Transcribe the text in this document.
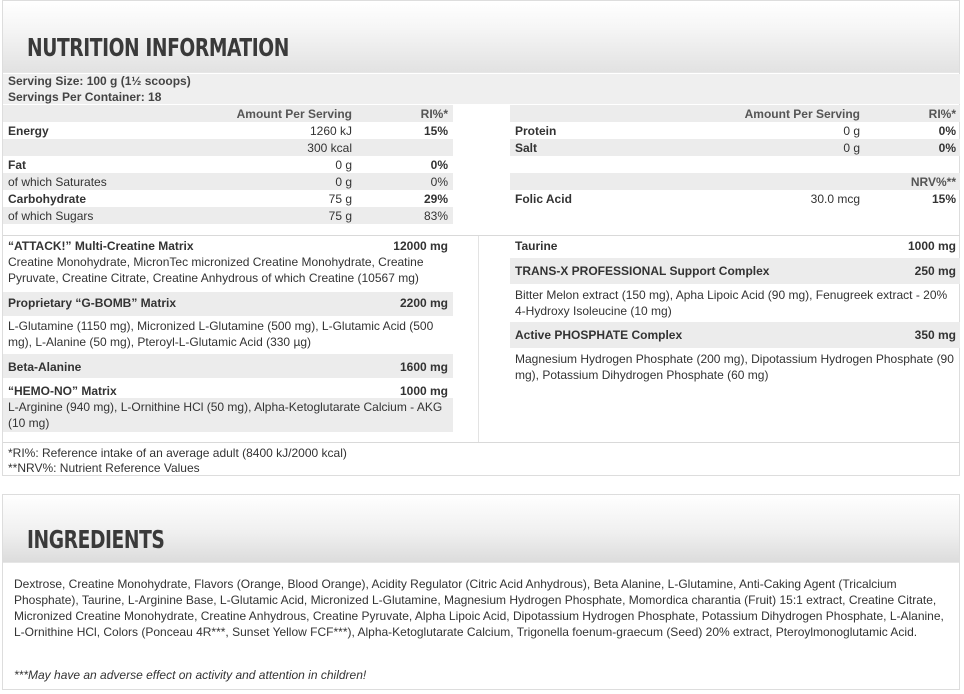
NUTRITION INFORMATION
Serving Size: 100 g (1½ scoops)
Servings Per Container: 18
Amount Per Serving	RI%*
Energy	1260 kJ	15%
300 kcal
Fat	0 g	0%
of which Saturates	0 g	0%
Carbohydrate	75 g	29%
of which Sugars	75 g	83%
Amount Per Serving	RI%*
Protein	0 g	0%
Salt	0 g	0%
NRV%**
Folic Acid	30.0 mcg	15%
“ATTACK!” Multi-Creatine Matrix	12000 mg
Creatine Monohydrate, MicronTec micronized Creatine Monohydrate, Creatine Pyruvate, Creatine Citrate, Creatine Anhydrous of which Creatine (10567 mg)
Proprietary “G-BOMB” Matrix	2200 mg
L-Glutamine (1150 mg), Micronized L-Glutamine (500 mg), L-Glutamic Acid (500 mg), L-Alanine (50 mg), Pteroyl-L-Glutamic Acid (330 µg)
Beta-Alanine	1600 mg
“HEMO-NO” Matrix	1000 mg
L-Arginine (940 mg), L-Ornithine HCl (50 mg), Alpha-Ketoglutarate Calcium - AKG (10 mg)
Taurine	1000 mg
TRANS-X PROFESSIONAL Support Complex	250 mg
Bitter Melon extract (150 mg), Apha Lipoic Acid (90 mg), Fenugreek extract - 20% 4-Hydroxy Isoleucine (10 mg)
Active PHOSPHATE Complex	350 mg
Magnesium Hydrogen Phosphate (200 mg), Dipotassium Hydrogen Phosphate (90 mg), Potassium Dihydrogen Phosphate (60 mg)
*RI%: Reference intake of an average adult (8400 kJ/2000 kcal)
**NRV%: Nutrient Reference Values
INGREDIENTS
Dextrose, Creatine Monohydrate, Flavors (Orange, Blood Orange), Acidity Regulator (Citric Acid Anhydrous), Beta Alanine, L-Glutamine, Anti-Caking Agent (Tricalcium Phosphate), Taurine, L-Arginine Base, L-Glutamic Acid, Micronized L-Glutamine, Magnesium Hydrogen Phosphate, Momordica charantia (Fruit) 15:1 extract, Creatine Citrate, Micronized Creatine Monohydrate, Creatine Anhydrous, Creatine Pyruvate, Alpha Lipoic Acid, Dipotassium Hydrogen Phosphate, Potassium Dihydrogen Phosphate, L-Alanine, L-Ornithine HCl, Colors (Ponceau 4R***, Sunset Yellow FCF***), Alpha-Ketoglutarate Calcium, Trigonella foenum-graecum (Seed) 20% extract, Pteroylmonoglutamic Acid.
***May have an adverse effect on activity and attention in children!
